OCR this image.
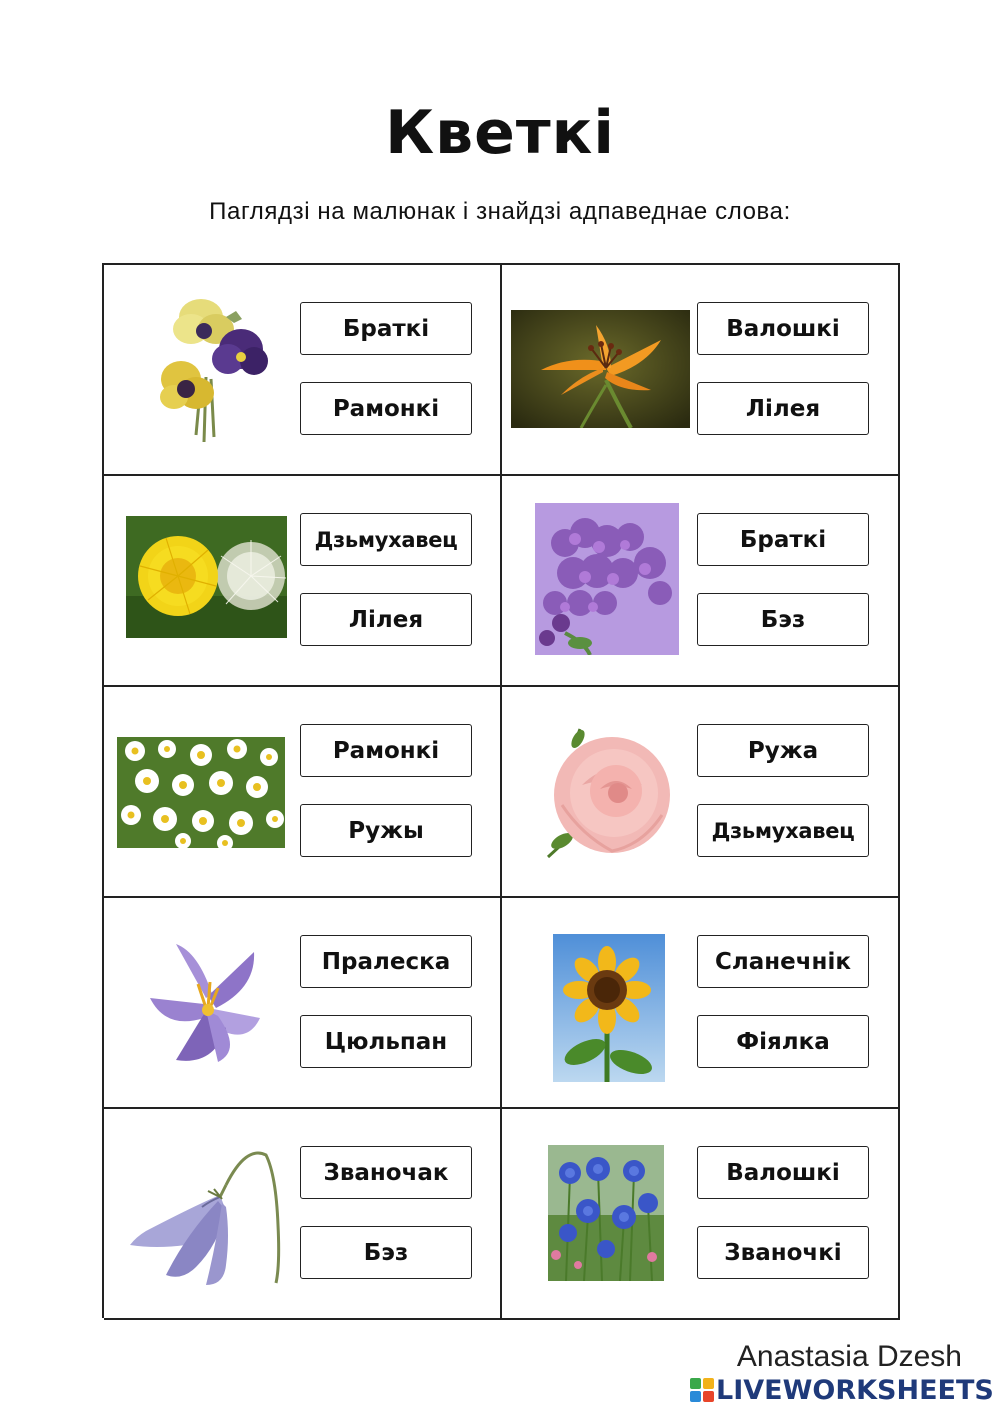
Кветкі
Паглядзі на малюнак і знайдзі адпаведнае слова:
Браткі
Рамонкі
Валошкі
Лілея
Дзьмухавец
Лілея
Браткі
Бэз
Рамонкі
Ружы
Ружа
Дзьмухавец
Пралеска
Цюльпан
Сланечнік
Фіялка
Званочак
Бэз
Валошкі
Званочкі
Anastasia Dzesh
LIVEWORKSHEETS
